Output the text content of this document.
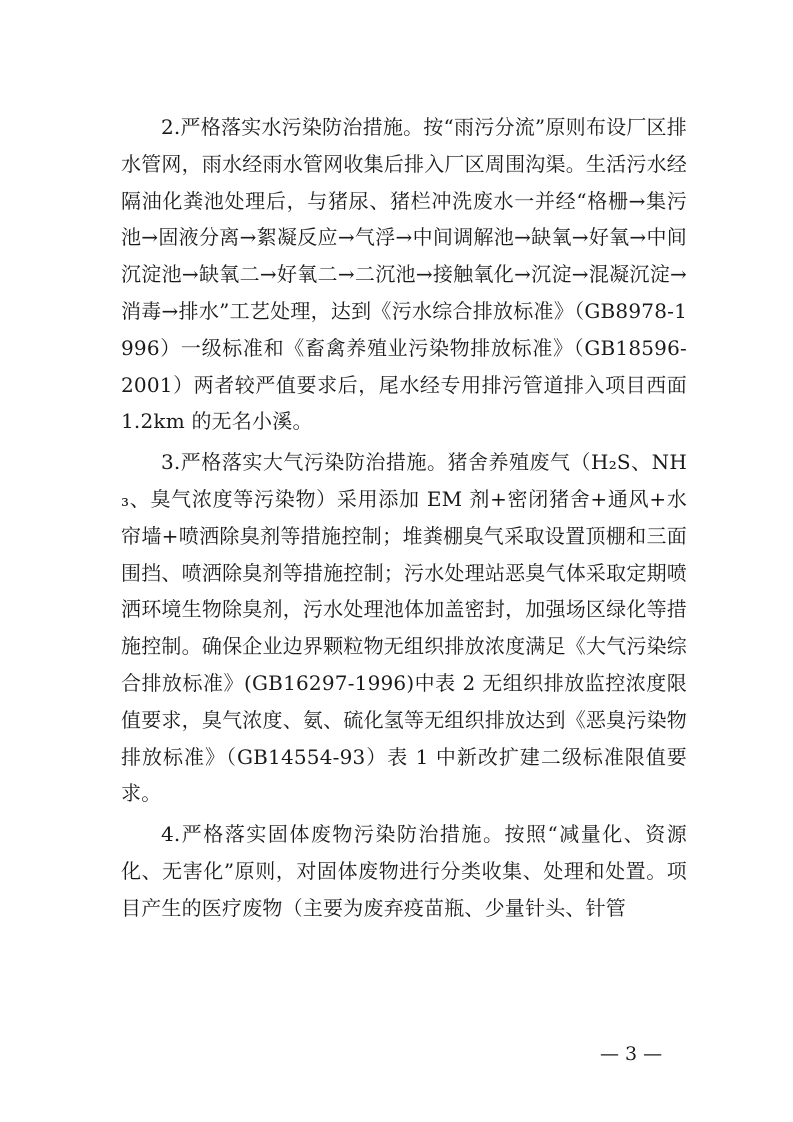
2.严格落实水污染防治措施。按“雨污分流”原则布设厂区排水管网，雨水经雨水管网收集后排入厂区周围沟渠。生活污水经隔油化粪池处理后，与猪尿、猪栏冲洗废水一并经“格栅→集污池→固液分离→絮凝反应→气浮→中间调解池→缺氧→好氧→中间沉淀池→缺氧二→好氧二→二沉池→接触氧化→沉淀→混凝沉淀→消毒→排水”工艺处理，达到《污水综合排放标准》（GB8978-1996）一级标准和《畜禽养殖业污染物排放标准》（GB18596-2001）两者较严值要求后，尾水经专用排污管道排入项目西面 1.2km 的无名小溪。

3.严格落实大气污染防治措施。猪舍养殖废气（H₂S、NH₃、臭气浓度等污染物）采用添加 EM 剂+密闭猪舍+通风+水帘墙+喷洒除臭剂等措施控制；堆粪棚臭气采取设置顶棚和三面围挡、喷洒除臭剂等措施控制；污水处理站恶臭气体采取定期喷洒环境生物除臭剂，污水处理池体加盖密封，加强场区绿化等措施控制。确保企业边界颗粒物无组织排放浓度满足《大气污染综合排放标准》(GB16297-1996)中表 2 无组织排放监控浓度限值要求，臭气浓度、氨、硫化氢等无组织排放达到《恶臭污染物排放标准》（GB14554-93）表 1 中新改扩建二级标准限值要求。

4.严格落实固体废物污染防治措施。按照“减量化、资源化、无害化”原则，对固体废物进行分类收集、处理和处置。项目产生的医疗废物（主要为废弃疫苗瓶、少量针头、针管

— 3 —
